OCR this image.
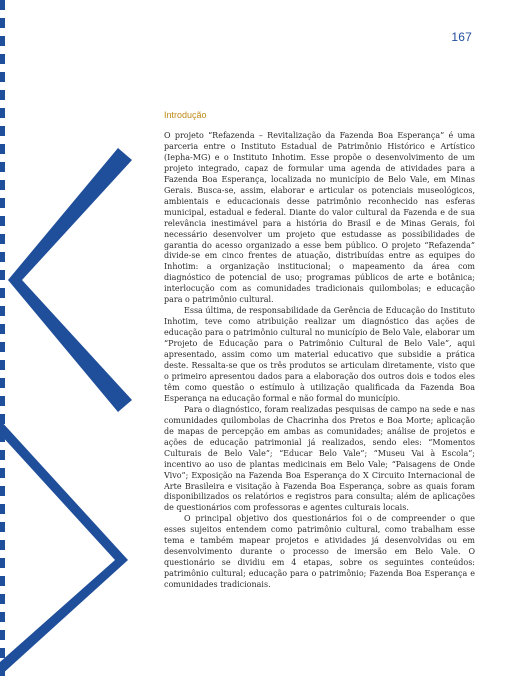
167
Introdução

O projeto “Refazenda – Revitalização da Fazenda Boa Esperança” é uma parceria entre o Instituto Estadual de Patrimônio Histórico e Artístico (Iepha-MG) e o Instituto Inhotim. Esse propõe o desenvolvimento de um projeto integrado, capaz de formular uma agenda de atividades para a Fazenda Boa Esperança, localizada no município de Belo Vale, em Minas Gerais. Busca-se, assim, elaborar e articular os potenciais museológicos, ambientais e educacionais desse patrimônio reconhecido nas esferas municipal, estadual e federal. Diante do valor cultural da Fazenda e de sua relevância inestimável para a história do Brasil e de Minas Gerais, foi necessário desenvolver um projeto que estudasse as possibilidades de garantia do acesso organizado a esse bem público. O projeto “Refazenda” divide-se em cinco frentes de atuação, distribuídas entre as equipes do Inhotim: a organização institucional; o mapeamento da área com diagnóstico de potencial de uso; programas públicos de arte e botânica; interlocução com as comunidades tradicionais quilombolas; e educação para o patrimônio cultural.

Essa última, de responsabilidade da Gerência de Educação do Instituto Inhotim, teve como atribuição realizar um diagnóstico das ações de educação para o patrimônio cultural no município de Belo Vale, elaborar um “Projeto de Educação para o Patrimônio Cultural de Belo Vale”, aqui apresentado, assim como um material educativo que subsidie a prática deste. Ressalta-se que os três produtos se articulam diretamente, visto que o primeiro apresentou dados para a elaboração dos outros dois e todos eles têm como questão o estímulo à utilização qualificada da Fazenda Boa Esperança na educação formal e não formal do município.

Para o diagnóstico, foram realizadas pesquisas de campo na sede e nas comunidades quilombolas de Chacrinha dos Pretos e Boa Morte; aplicação de mapas de percepção em ambas as comunidades; análise de projetos e ações de educação patrimonial já realizados, sendo eles: “Momentos Culturais de Belo Vale”; “Educar Belo Vale”; “Museu Vai à Escola”; incentivo ao uso de plantas medicinais em Belo Vale; “Paisagens de Onde Vivo”; Exposição na Fazenda Boa Esperança do X Circuito Internacional de Arte Brasileira e visitação à Fazenda Boa Esperança, sobre as quais foram disponibilizados os relatórios e registros para consulta; além de aplicações de questionários com professoras e agentes culturais locais.

O principal objetivo dos questionários foi o de compreender o que esses sujeitos entendem como patrimônio cultural, como trabalham esse tema e também mapear projetos e atividades já desenvolvidas ou em desenvolvimento durante o processo de imersão em Belo Vale. O questionário se dividiu em 4 etapas, sobre os seguintes conteúdos: patrimônio cultural; educação para o patrimônio; Fazenda Boa Esperança e comunidades tradicionais.
